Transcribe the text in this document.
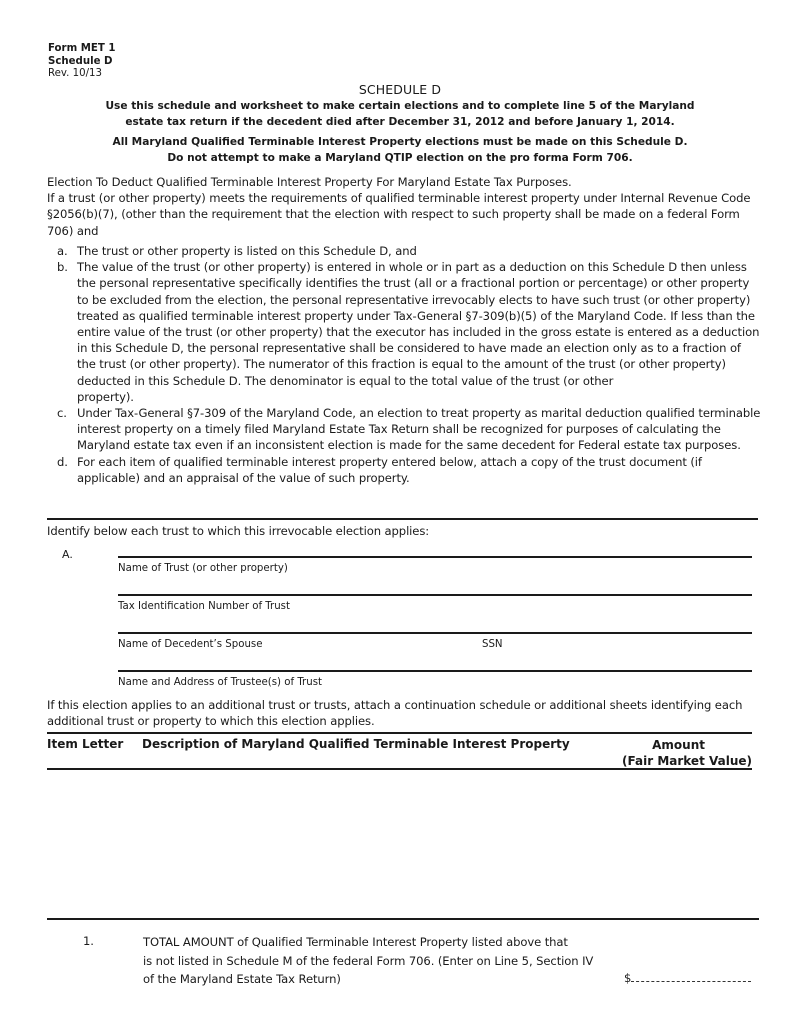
Form MET 1
Schedule D
Rev. 10/13
SCHEDULE D
Use this schedule and worksheet to make certain elections and to complete line 5 of the Maryland
estate tax return if the decedent died after December 31, 2012 and before January 1, 2014.
All Maryland Qualified Terminable Interest Property elections must be made on this Schedule D.
Do not attempt to make a Maryland QTIP election on the pro forma Form 706.
Election To Deduct Qualified Terminable Interest Property For Maryland Estate Tax Purposes.
If a trust (or other property) meets the requirements of qualified terminable interest property under Internal Revenue Code §2056(b)(7), (other than the requirement that the election with respect to such property shall be made on a federal Form 706) and
a. The trust or other property is listed on this Schedule D, and
b. The value of the trust (or other property) is entered in whole or in part as a deduction on this Schedule D then unless the personal representative specifically identifies the trust (all or a fractional portion or percentage) or other property to be excluded from the election, the personal representative irrevocably elects to have such trust (or other property) treated as qualified terminable interest property under Tax-General §7-309(b)(5) of the Maryland Code. If less than the entire value of the trust (or other property) that the executor has included in the gross estate is entered as a deduction in this Schedule D, the personal representative shall be considered to have made an election only as to a fraction of the trust (or other property). The numerator of this fraction is equal to the amount of the trust (or other property) deducted in this Schedule D. The denominator is equal to the total value of the trust (or other
property).
c. Under Tax-General §7-309 of the Maryland Code, an election to treat property as marital deduction qualified terminable interest property on a timely filed Maryland Estate Tax Return shall be recognized for purposes of calculating the Maryland estate tax even if an inconsistent election is made for the same decedent for Federal estate tax purposes.
d. For each item of qualified terminable interest property entered below, attach a copy of the trust document (if applicable) and an appraisal of the value of such property.
Identify below each trust to which this irrevocable election applies:
A.
Name of Trust (or other property)
Tax Identification Number of Trust
Name of Decedent’s Spouse	SSN
Name and Address of Trustee(s) of Trust
If this election applies to an additional trust or trusts, attach a continuation schedule or additional sheets identifying each additional trust or property to which this election applies.
Item Letter Description of Maryland Qualified Terminable Interest Property	Amount
(Fair Market Value)
1.	TOTAL AMOUNT of Qualified Terminable Interest Property listed above that
is not listed in Schedule M of the federal Form 706. (Enter on Line 5, Section IV
of the Maryland Estate Tax Return)	$
